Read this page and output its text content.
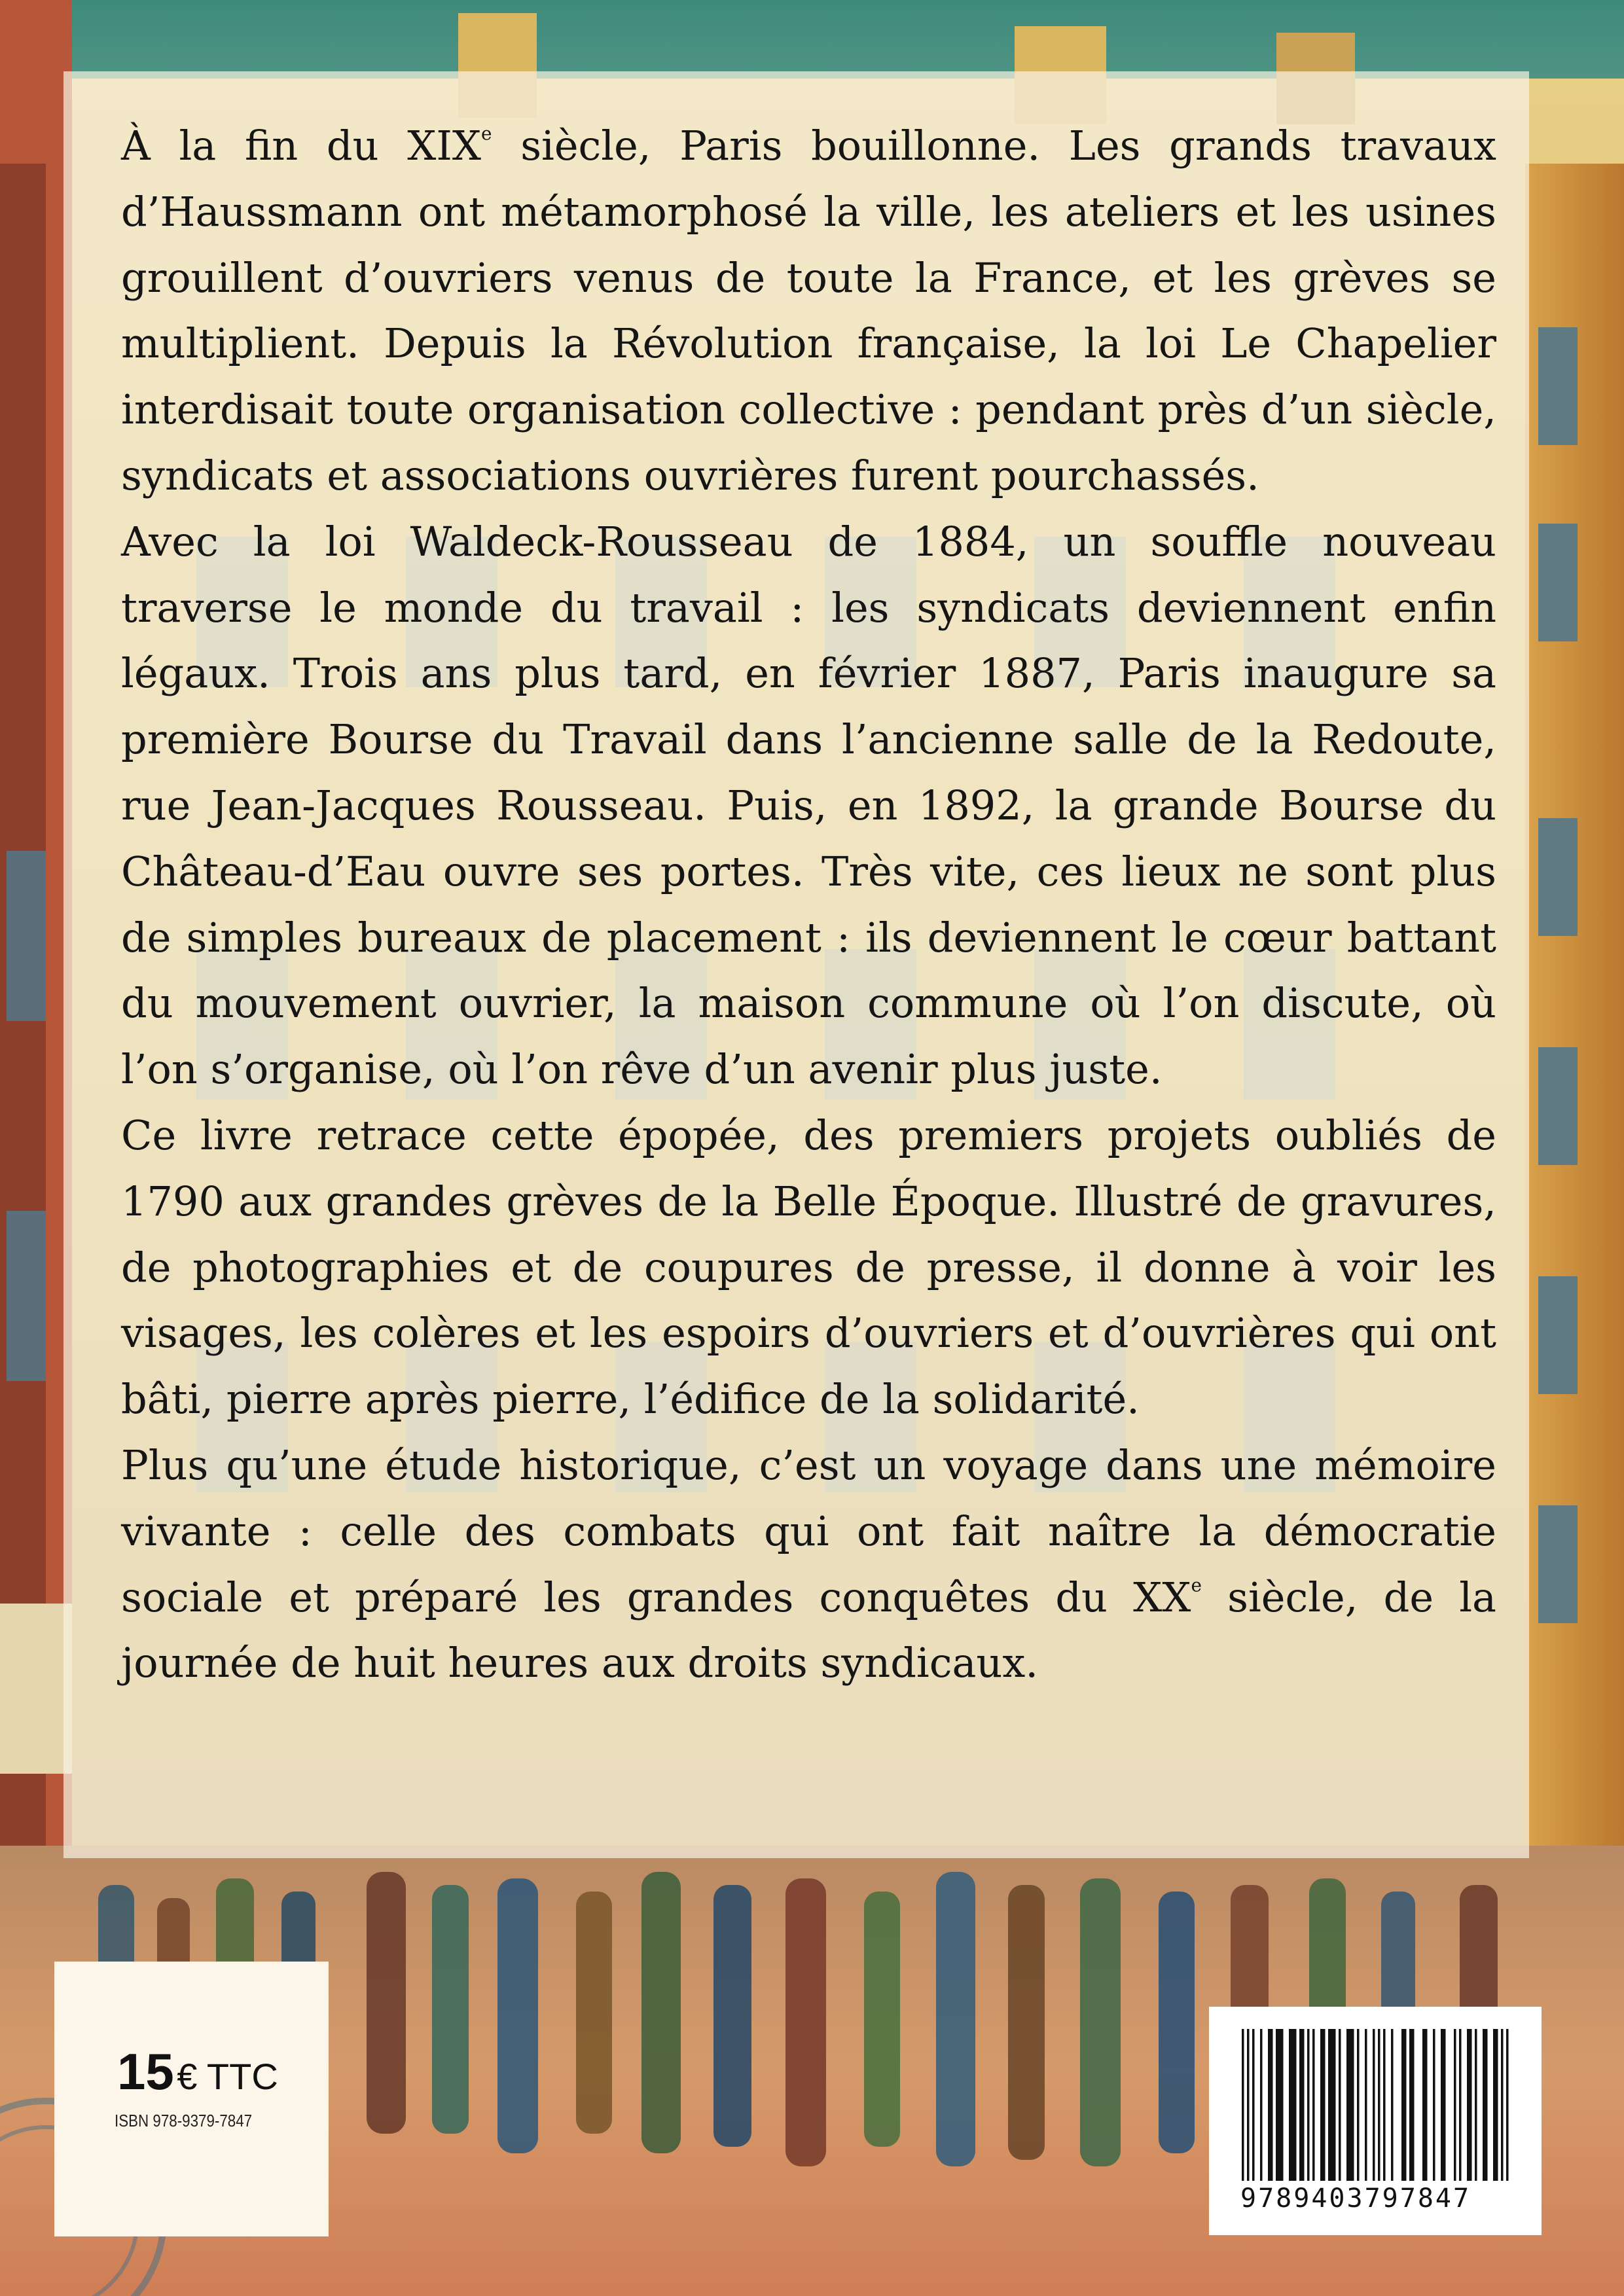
À la fin du XIXe siècle, Paris bouillonne. Les grands travaux d’Haussmann ont métamorphosé la ville, les ateliers et les usines grouillent d’ouvriers venus de toute la France, et les grèves se multiplient. Depuis la Révolution française, la loi Le Chapelier interdisait toute organisation collective : pendant près d’un siècle, syndicats et associations ouvrières furent pourchassés.

Avec la loi Waldeck-Rousseau de 1884, un souffle nouveau traverse le monde du travail : les syndicats deviennent enfin légaux. Trois ans plus tard, en février 1887, Paris inaugure sa première Bourse du Travail dans l’ancienne salle de la Redoute, rue Jean-Jacques Rousseau. Puis, en 1892, la grande Bourse du Château-d’Eau ouvre ses portes. Très vite, ces lieux ne sont plus de simples bureaux de placement : ils deviennent le cœur battant du mouvement ouvrier, la maison commune où l’on discute, où l’on s’organise, où l’on rêve d’un avenir plus juste.

Ce livre retrace cette épopée, des premiers projets oubliés de 1790 aux grandes grèves de la Belle Époque. Illustré de gravures, de photographies et de coupures de presse, il donne à voir les visages, les colères et les espoirs d’ouvriers et d’ouvrières qui ont bâti, pierre après pierre, l’édifice de la solidarité.

Plus qu’une étude historique, c’est un voyage dans une mémoire vivante : celle des combats qui ont fait naître la démocratie sociale et préparé les grandes conquêtes du XXe siècle, de la journée de huit heures aux droits syndicaux.

15 € TTC
ISBN 978-9379-7847
9789403797847
